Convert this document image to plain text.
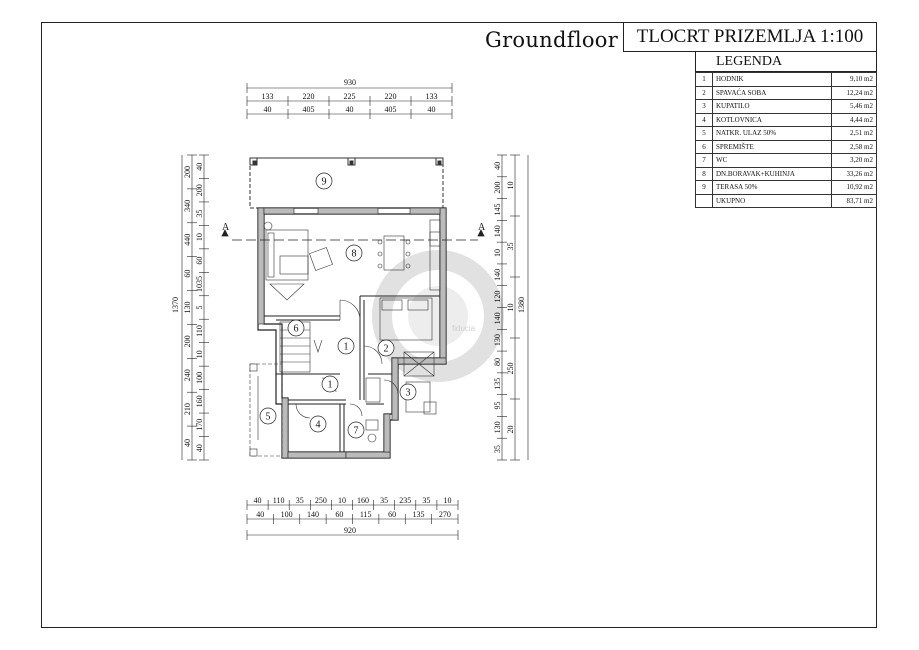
Groundfloor TLOCRT PRIZEMLJA 1:100
LEGENDA
1	HODNIK	9,10 m2
2	SPAVAĆA SOBA	12,24 m2
3	KUPATILO	5,46 m2
4	KOTLOVNICA	4,44 m2
5	NATKR. ULAZ 50%	2,51 m2
6	SPREMIŠTE	2,58 m2
7	WC	3,20 m2
8	DN.BORAVAK+KUHINJA	33,26 m2
9	TERASA 50%	10,92 m2
	UKUPNO	83,71 m2
fiducia
A	A
1	2
3
4
5
6
7
8
9
1
930
133	220	225	220	133
40	405	40	405	40
40 110 35 250 10 160 35 235 35 10
40 100 140 60 115 60 135 270
920
1370
200
340
440
60
130
200
240
210
40
40
200
35
10
60
1035
5
110
10
100
160
170
40
40
200
145
140
10
140
120
140
130
80
135
95
130
35
10
35
10
250
20
1380
